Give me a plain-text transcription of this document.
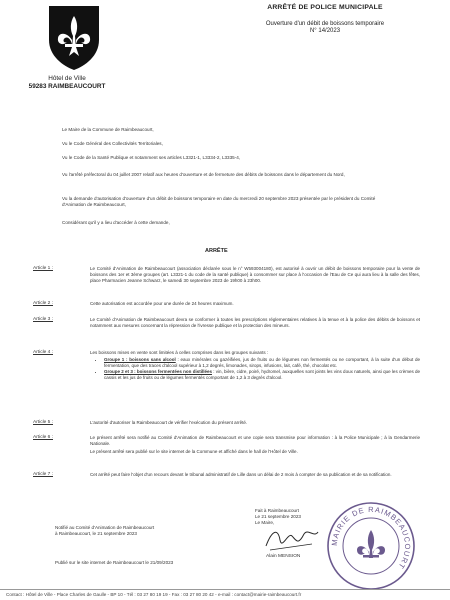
Hôtel de Ville
59283 RAIMBEAUCOURT
ARRÊTÉ DE POLICE MUNICIPALE
Ouverture d'un débit de boissons temporaire
N° 14/2023
Le Maire de la Commune de Raimbeaucourt,
Vu le Code Général des Collectivités Territoriales,
Vu le Code de la Santé Publique et notamment ses articles L3321-1, L3334-2, L3335-4,
Vu l'arrêté préfectoral du 04 juillet 2007 relatif aux heures d'ouverture et de fermeture des débits de boissons dans le département du Nord,
Vu la demande d'autorisation d'ouverture d'un débit de boissons temporaire en date du mercredi 20 septembre 2023 présentée par le président du Comité d'Animation de Raimbeaucourt,
Considérant qu'il y a lieu d'accéder à cette demande,
ARRÊTE
Article 1 :	Le Comité d'Animation de Raimbeaucourt (association déclarée sous le n° W593004180), est autorisé à ouvrir un débit de boissons temporaire pour la vente de boissons des 1er et 3ème groupes (art. L3321-1 du code de la santé publique) à consommer sur place à l'occasion de l'Eau de Ce qui aura lieu à la salle des fêtes, place Pharmacien Jeanne Schwarz, le samedi 30 septembre 2023 de 19h00 à 23h00.
Article 2 :	Cette autorisation est accordée pour une durée de 24 heures maximum.
Article 3 :	Le Comité d'Animation de Raimbeaucourt devra se conformer à toutes les prescriptions réglementaires relatives à la tenue et à la police des débits de boissons et notamment aux mesures concernant la répression de l'ivresse publique et la protection des mineurs.
Article 4 :	Les boissons mises en vente sont limitées à celles comprises dans les groupes suivants :
• Groupe 1 : boissons sans alcool : eaux minérales ou gazéifiées, jus de fruits ou de légumes non fermentés ou ne comportant, à la suite d'un début de fermentation, que des traces d'alcool supérieur à 1,2 degrés, limonades, sirops, infusions, lait, café, thé, chocolat etc.
• Groupe 2 et 3 : boissons fermentées non distillées : vin, bière, cidre, poiré, hydromel, auxquelles sont joints les vins doux naturels, ainsi que les crèmes de cassis et les jus de fruits ou de légumes fermentés comportant de 1,2 à 3 degrés d'alcool.
Article 5 :	L'autorité d'autoriser la Raimbeaucourt de vérifier l'exécution du présent arrêté.
Article 6 :	Le présent arrêté sera notifié au Comité d'Animation de Raimbeaucourt et une copie sera transmise pour information : à la Police Municipale ; à la Gendarmerie Nationale.
Le présent arrêté sera publié sur le site internet de la Commune et affiché dans le hall de l'Hôtel de Ville.
Article 7 :	Cet arrêté peut faire l'objet d'un recours devant le tribunal administratif de Lille dans un délai de 2 mois à compter de sa publication et de sa notification.
Notifié au Comité d'Animation de Raimbeaucourt
à Raimbeaucourt, le 21 septembre 2023
Publié sur le site internet de Raimbeaucourt le 21/09/2023
Fait à Raimbeaucourt
Le 21 septembre 2023
Le Maire,
Alain MENSION
MAIRIE DE RAIMBEAUCOURT
Contact : Hôtel de Ville - Place Charles de Gaulle - BP 10 - Tél : 03 27 80 19 19 - Fax : 03 27 80 20 42 - e-mail : contact@mairie-raimbeaucourt.fr
